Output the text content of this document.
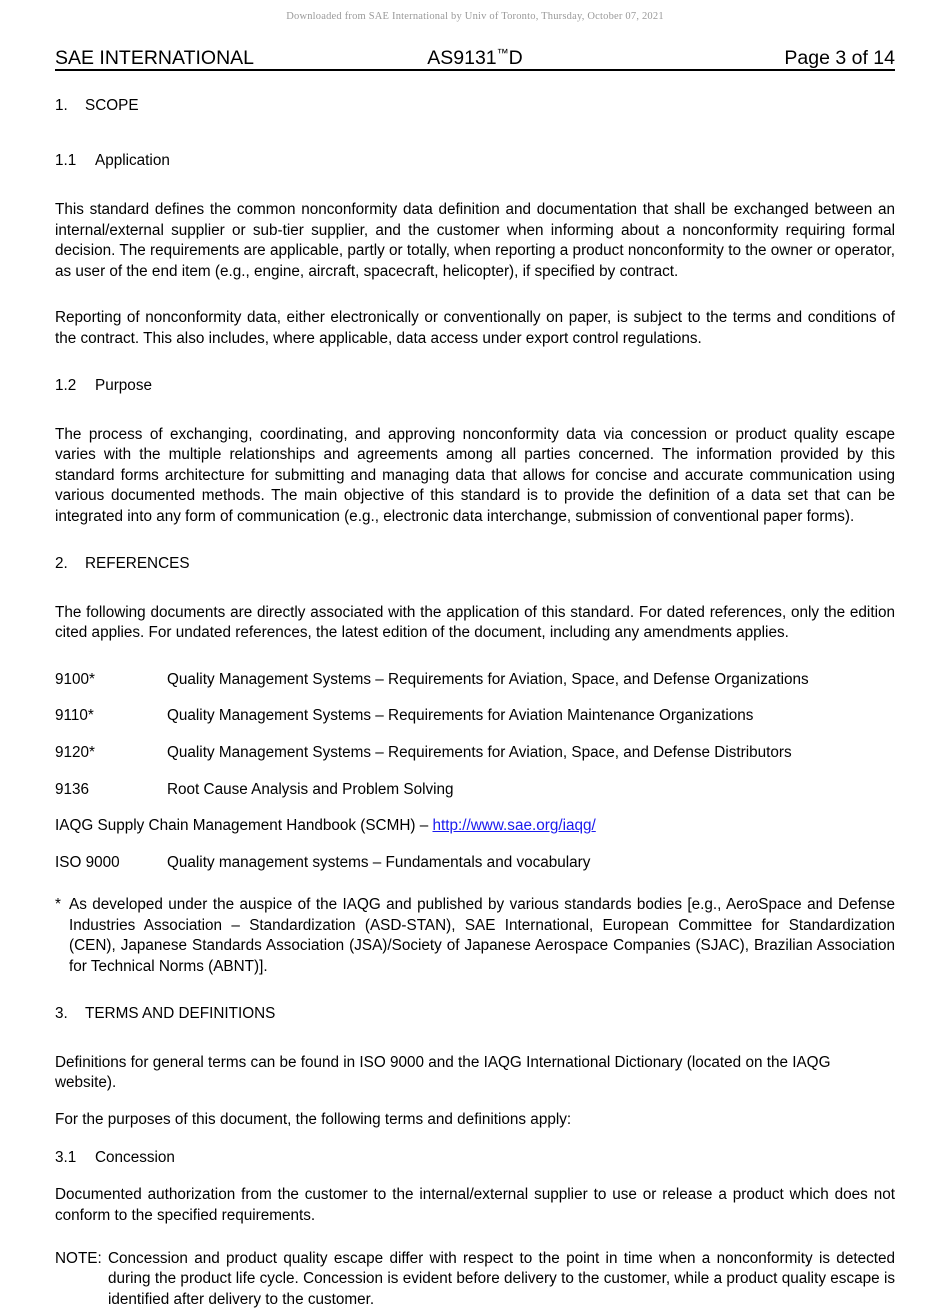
Downloaded from SAE International by Univ of Toronto, Thursday, October 07, 2021
SAE INTERNATIONAL	AS9131™D	Page 3 of 14
1. SCOPE
1.1 Application

This standard defines the common nonconformity data definition and documentation that shall be exchanged between an internal/external supplier or sub-tier supplier, and the customer when informing about a nonconformity requiring formal decision. The requirements are applicable, partly or totally, when reporting a product nonconformity to the owner or operator, as user of the end item (e.g., engine, aircraft, spacecraft, helicopter), if specified by contract.

Reporting of nonconformity data, either electronically or conventionally on paper, is subject to the terms and conditions of the contract. This also includes, where applicable, data access under export control regulations.

1.2 Purpose

The process of exchanging, coordinating, and approving nonconformity data via concession or product quality escape varies with the multiple relationships and agreements among all parties concerned. The information provided by this standard forms architecture for submitting and managing data that allows for concise and accurate communication using various documented methods. The main objective of this standard is to provide the definition of a data set that can be integrated into any form of communication (e.g., electronic data interchange, submission of conventional paper forms).

2. REFERENCES

The following documents are directly associated with the application of this standard. For dated references, only the edition cited applies. For undated references, the latest edition of the document, including any amendments applies.

9100*	Quality Management Systems – Requirements for Aviation, Space, and Defense Organizations
9110*	Quality Management Systems – Requirements for Aviation Maintenance Organizations
9120*	Quality Management Systems – Requirements for Aviation, Space, and Defense Distributors
9136	Root Cause Analysis and Problem Solving
IAQG Supply Chain Management Handbook (SCMH) – http://www.sae.org/iaqg/
ISO 9000	Quality management systems – Fundamentals and vocabulary

* As developed under the auspice of the IAQG and published by various standards bodies [e.g., AeroSpace and Defense Industries Association – Standardization (ASD-STAN), SAE International, European Committee for Standardization (CEN), Japanese Standards Association (JSA)/Society of Japanese Aerospace Companies (SJAC), Brazilian Association for Technical Norms (ABNT)].

3. TERMS AND DEFINITIONS

Definitions for general terms can be found in ISO 9000 and the IAQG International Dictionary (located on the IAQG website).

For the purposes of this document, the following terms and definitions apply:

3.1 Concession

Documented authorization from the customer to the internal/external supplier to use or release a product which does not conform to the specified requirements.

NOTE: Concession and product quality escape differ with respect to the point in time when a nonconformity is detected during the product life cycle. Concession is evident before delivery to the customer, while a product quality escape is identified after delivery to the customer.
